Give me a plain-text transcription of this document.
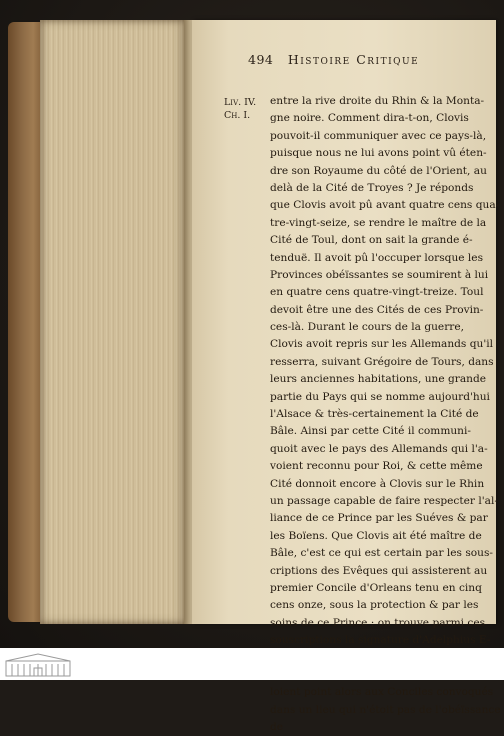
494 Histoire Critique
Liv. IV.
Ch. I.
entre la rive droite du Rhin & la Monta-
gne noire. Comment dira-t-on, Clovis
pouvoit-il communiquer avec ce pays-là,
puisque nous ne lui avons point vû éten-
dre son Royaume du côté de l'Orient, au
delà de la Cité de Troyes ? Je réponds
que Clovis avoit pû avant quatre cens qua-
tre-vingt-seize, se rendre le maître de la
Cité de Toul, dont on sait la grande é-
tenduë. Il avoit pû l'occuper lorsque les
Provinces obéïssantes se soumirent à lui
en quatre cens quatre-vingt-treize. Toul
devoit être une des Cités de ces Provin-
ces-là. Durant le cours de la guerre,
Clovis avoit repris sur les Allemands qu'il
resserra, suivant Grégoire de Tours, dans
leurs anciennes habitations, une grande
partie du Pays qui se nomme aujourd'hui
l'Alsace & très-certainement la Cité de
Bâle. Ainsi par cette Cité il communi-
quoit avec le pays des Allemands qui l'a-
voient reconnu pour Roi, & cette même
Cité donnoit encore à Clovis sur le Rhin
un passage capable de faire respecter l'al-
liance de ce Prince par les Suéves & par
les Boïens. Que Clovis ait été maître de
Bâle, c'est ce qui est certain par les sous-
criptions des Evêques qui assisterent au
premier Concile d'Orleans tenu en cinq
cens onze, sous la protection & par les
soins de ce Prince ; on trouve parmi ces
souscriptions la signature d'Adelphius E-
loient point alors aux Conciles convoqués
dans un lieu qui n'étoit pas de l'obéïssance
de
